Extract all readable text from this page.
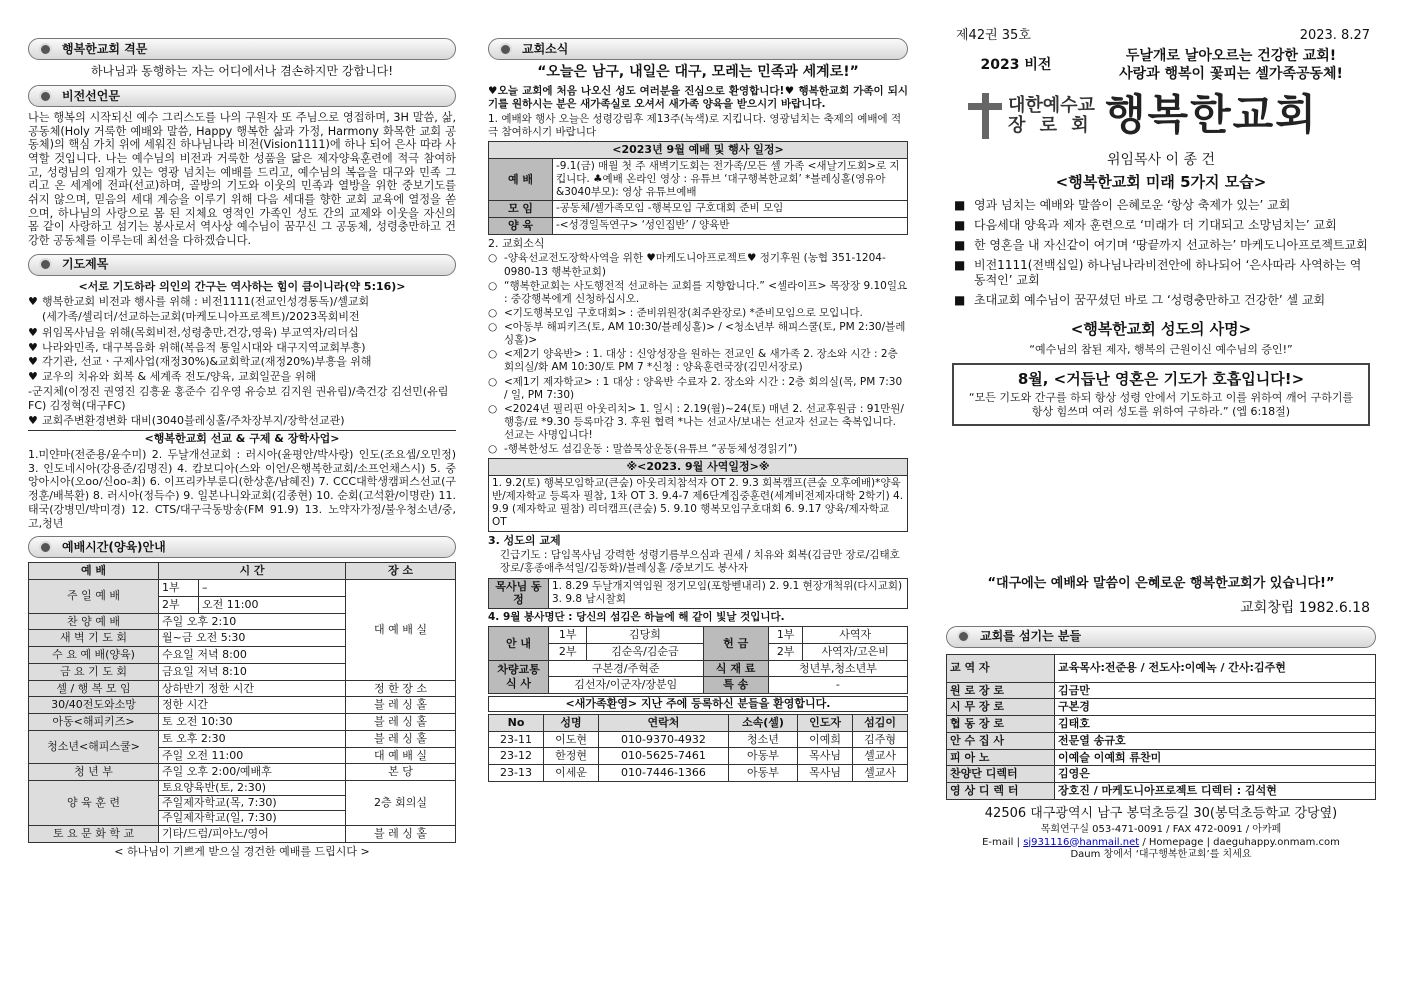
행복한교회 격문
하나님과 동행하는 자는 어디에서나 겸손하지만 강합니다!
비전선언문
나는 행복의 시작되신 예수 그리스도를 나의 구원자 또 주님으로 영접하며, 3H 말씀, 삶, 공동체(Holy 거룩한 예배와 말씀, Happy 행복한 삶과 가정, Harmony 화목한 교회 공동체)의 핵심 가치 위에 세워진 하나님나라 비전(Vision1111)에 하나 되어 은사 따라 사역할 것입니다. 나는 예수님의 비전과 거룩한 성품을 닮은 제자양육훈련에 적극 참여하고, 성령님의 임재가 있는 영광 넘치는 예배를 드리고, 예수님의 복음을 대구와 민족 그리고 온 세계에 전파(선교)하며, 골방의 기도와 이웃의 민족과 열방을 위한 중보기도를 쉬지 않으며, 믿음의 세대 계승을 이루기 위해 다음 세대를 향한 교회 교육에 열정을 쏟으며, 하나님의 사랑으로 몸 된 지체요 영적인 가족인 성도 간의 교제와 이웃을 자신의 몸 같이 사랑하고 섬기는 봉사로서 역사상 예수님이 꿈꾸신 그 공동체, 성령충만하고 건강한 공동체를 이루는데 최선을 다하겠습니다.
기도제목
<서로 기도하라 의인의 간구는 역사하는 힘이 큼이니라(약 5:16)>
♥ 행복한교회 비전과 행사를 위해 : 비전1111(전교인성경통독)/셀교회
(세가족/셀리더/선교하는교회(마케도니아프로젝트)/2023목회비전
♥ 위임목사님을 위해(목회비전,성령충만,건강,영육) 부교역자/리더십
♥ 나라와민족, 대구복음화 위해(복음적 통일시대와 대구지역교회부흥)
♥ 각기관, 선교ㆍ구제사업(재정30%)&교회학교(재정20%)부흥을 위해
♥ 교우의 치유와 회복 & 세계족 전도/양육, 교회일꾼을 위해
-군지체(이정진 권영진 김흥윤 홍준수 김우영 유승보 김지원 권유림)/축건강 김선민(유림FC) 김정혁(대구FC)
♥ 교회주변환경변화 대비(3040블레싱홀/주차장부지/장학선교관)
<행복한교회 선교 & 구제 & 장학사업>
1.미얀마(전준용/윤수미) 2. 두날개선교회 : 러시아(윤평안/박사랑) 인도(조요셉/오민정) 3. 인도네시아(강용준/김명진) 4. 캄보디아(스와 이언/은행복한교회/소프언채스시) 5. 중앙아시아(오oo/신oo-최) 6. 이프리카부룬디(한상훈/남혜진) 7. CCC대학생캠퍼스선교(구정훈/배복환) 8. 러시아(정득수) 9. 일본나니와교회(김종현) 10. 순회(고석환/이명란) 11. 태국(강병민/박미경) 12. CTS/대구극동방송(FM 91.9) 13. 노약자가정/불우청소년/중,고,청년
예배시간(양육)안내
예 배	시 간		장 소
주 일 예 배	1부	–	대 예 배 실
	2부	오전 11:00	
찬 양 예 배	주일 오후 2:10		
새 벽 기 도 회	월~금 오전 5:30		
수 요 예 배(양육)	수요일 저녁 8:00		
금 요 기 도 회	금요일 저녁 8:10		
셀 / 행 복 모 임	상하반기 정한 시간		정 한 장 소
30/40전도와소망	정한 시간		블 레 싱 홀
아동<해피키즈>	토 오전 10:30		블 레 싱 홀
청소년<해피스쿨>	토 오후 2:30		블 레 싱 홀
	주일 오전 11:00		대 예 배 실
청 년 부	주일 오후 2:00/예배후		본 당
양 육 훈 련	토요양육반(토, 2:30)		2층 회의실
	주일제자학교(목, 7:30)		
	주일제자학교(일, 7:30)		
토 요 문 화 학 교	기타/드럼/피아노/영어		블 레 싱 홀
< 하나님이 기쁘게 받으실 경건한 예배를 드립시다 >
교회소식
“오늘은 남구, 내일은 대구, 모레는 민족과 세계로!”
♥오늘 교회에 처음 나오신 성도 여러분을 진심으로 환영합니다!♥ 행복한교회 가족이 되시기를 원하시는 분은 새가족실로 오셔서 새가족 양육을 받으시기 바랍니다.
1. 예배와 행사 오늘은 성령강림후 제13주(녹색)로 지킵니다. 영광넘치는 축제의 예배에 적극 참여하시기 바랍니다
<2023년 9월 예배 및 행사 일정>	
예 배	-9.1(금) 매월 첫 주 새벽기도회는 전가족/모든 셀 가족 <새날기도회>로 지킵니다. ♣예배 온라인 영상 : 유튜브 ‘대구행복한교회’ *블레싱홀(영유아&3040부모): 영상 유튜브예배
모 임	-공동체/셀가족모임 -행복모임 구호대회 준비 모임
양 육	-<성경일독연구> ‘성인집반’ / 양육반
2. 교회소식
○ -양육선교전도장학사역을 위한 ♥마케도니아프로젝트♥ 정기후원 (농협 351-1204-0980-13 행복한교회)
○ “행복한교회는 사도행전적 선교하는 교회를 지향합니다.” <셀라이프> 목장장 9.10일요 : 중강행복에게 신청하십시오.
○ <기도행복모임 구호대회> : 준비위원장(최주완장로) *준비모임으로 모입니다.
○ <아동부 해피키즈(토, AM 10:30/블레싱홀)> / <청소년부 해피스쿨(토, PM 2:30/블레싱홀)>
○ <제2기 양육반> : 1. 대상 : 신앙성장을 원하는 전교인 & 새가족 2. 장소와 시간 : 2층 회의실/화 AM 10:30/토 PM 7 *신청 : 양육훈련국장(김민서장로)
○ <제1기 제자학교> : 1 대상 : 양육반 수료자 2. 장소와 시간 : 2층 회의실(목, PM 7:30 / 일, PM 7:30)
○ <2024년 필리핀 아웃리치> 1. 일시 : 2.19(월)~24(토) 매년 2. 선교후원금 : 91만원/행흥/료 *9.30 등록마감 3. 후원 협력 *나는 선교사/보내는 선교자 선교는 축복입니다. 선교는 사명입니다!
○ -행복한성도 섬김운동 : 말씀묵상운동(유튜브 “공동체성경읽기”)
※<2023. 9월 사역일정>※
1. 9.2(토) 행복모임학교(큰숲) 아웃리치참석자 OT 2. 9.3 회복캠프(큰숲 오후예배)*양육반/제자학교 등록자 필참, 1차 OT 3. 9.4-7 제6단계집중훈련(세계비전제자대학 2학기) 4. 9.9 (제자학교 필참) 리더캠프(큰숲) 5. 9.10 행복모임구호대회 6. 9.17 양육/제자학교 OT
3. 성도의 교제
긴급기도 : 담임목사님 강력한 성령기름부으심과 권세 / 치유와 회복(김금만 장로/김태호장로/홍종애추석일/김동화)/블레싱홀 /중보기도 봉사자
목사님 동 정	1. 8.29 두날개지역임원 정기모임(포항벧내리) 2. 9.1 현장개척위(다시교회) 3. 9.8 남시찰회
4. 9월 봉사명단 : 당신의 섬김은 하늘에 해 같이 빛날 것입니다.
안 내	1부	김당희	헌 금	1부	사역자
	2부	김순옥/김순금		2부	사역자/고은비
차량교통 식 사	구본경/주혁준		식 재 료	청년부,청소년부	
	김선자/이군자/장분임		특 송	-	
<새가족환영> 지난 주에 등록하신 분들을 환영합니다.
No	성명	연락처	소속(셀)	인도자	섬김이
23-11	이도현	010-9370-4932	청소년	이예희	김주형
23-12	한정현	010-5625-7461	아동부	목사님	셀교사
23-13	이세운	010-7446-1366	아동부	목사님	셀교사
제42권 35호	2023. 8.27
2023 비전
두날개로 날아오르는 건강한 교회!
사랑과 행복이 꽃피는 셀가족공동체!
대한예수교
장 로 회 행복한교회
위임목사 이 종 건
<행복한교회 미래 5가지 모습>
■ 영과 넘치는 예배와 말씀이 은혜로운 ‘항상 축제가 있는’ 교회
■ 다음세대 양육과 제자 훈련으로 ‘미래가 더 기대되고 소망넘치는’ 교회
■ 한 영혼을 내 자신같이 여기며 ‘땅끝까지 선교하는’ 마케도니아프로젝트교회
■ 비전1111(전백십일) 하나님나라비전안에 하나되어 ‘은사따라 사역하는 역동적인’ 교회
■ 초대교회 예수님이 꿈꾸셨던 바로 그 ‘성령충만하고 건강한’ 셀 교회
<행복한교회 성도의 사명>
“예수님의 참된 제자, 행복의 근원이신 예수님의 증인!”
8월, <거듭난 영혼은 기도가 호흡입니다!>
“모든 기도와 간구를 하되 항상 성령 안에서 기도하고 이를 위하여 깨어 구하기를 항상 힘쓰며 여러 성도를 위하여 구하라.” (엡 6:18절)
“대구에는 예배와 말씀이 은혜로운 행복한교회가 있습니다!”
교회창립 1982.6.18
교회를 섬기는 분들
교 역 자	교육목사:전준용 / 전도사:이예녹 / 간사:김주현
원 로 장 로	김금만
시 무 장 로	구본경
협 동 장 로	김태호
안 수 집 사	전문열 송규호
피 아 노	이예슬 이예희 류찬미
찬양단 디렉터	김영은
영 상 디 렉 터	장호진 / 마케도니아프로젝트 디렉터 : 김석현
42506 대구광역시 남구 봉덕초등길 30(봉덕초등학교 강당옆)
목회연구실 053-471-0091 / FAX 472-0091 / 아카페
E-mail | sj931116@hanmail.net / Homepage | daeguhappy.onmam.com
Daum 창에서 ‘대구행복한교회’를 치세요
